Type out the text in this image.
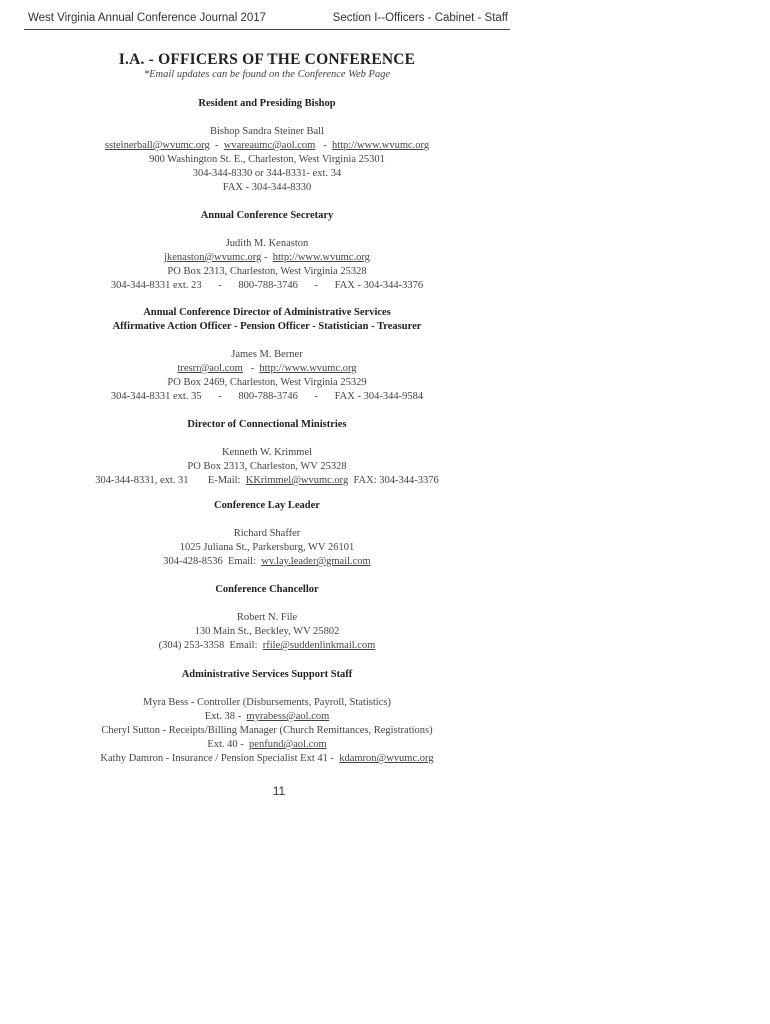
West Virginia Annual Conference Journal 2017	Section I--Officers - Cabinet - Staff
I.A. - OFFICERS OF THE CONFERENCE
*Email updates can be found on the Conference Web Page
Resident and Presiding Bishop
Bishop Sandra Steiner Ball
ssteinerball@wvumc.org - wvareaumc@aol.com - http://www.wvumc.org
900 Washington St. E., Charleston, West Virginia 25301
304-344-8330 or 344-8331- ext. 34
FAX - 304-344-8330
Annual Conference Secretary
Judith M. Kenaston
jkenaston@wvumc.org - http://www.wvumc.org
PO Box 2313, Charleston, West Virginia 25328
304-344-8331 ext. 23 - 800-788-3746 - FAX - 304-344-3376
Annual Conference Director of Administrative Services
Affirmative Action Officer - Pension Officer - Statistician - Treasurer
James M. Berner
tresrr@aol.com - http://www.wvumc.org
PO Box 2469, Charleston, West Virginia 25329
304-344-8331 ext. 35 - 800-788-3746 - FAX - 304-344-9584
Director of Connectional Ministries
Kenneth W. Krimmel
PO Box 2313, Charleston, WV 25328
304-344-8331, ext. 31 E-Mail: KKrimmel@wvumc.org FAX: 304-344-3376
Conference Lay Leader
Richard Shaffer
1025 Juliana St., Parkersburg, WV 26101
304-428-8536 Email: wv.lay.leader@gmail.com
Conference Chancellor
Robert N. File
130 Main St., Beckley, WV 25802
(304) 253-3358 Email: rfile@suddenlinkmail.com
Administrative Services Support Staff
Myra Bess - Controller (Disbursements, Payroll, Statistics)
Ext. 38 - myrabess@aol.com
Cheryl Sutton - Receipts/Billing Manager (Church Remittances, Registrations)
Ext. 40 - penfund@aol.com
Kathy Damron - Insurance / Pension Specialist Ext 41 - kdamron@wvumc.org
11
